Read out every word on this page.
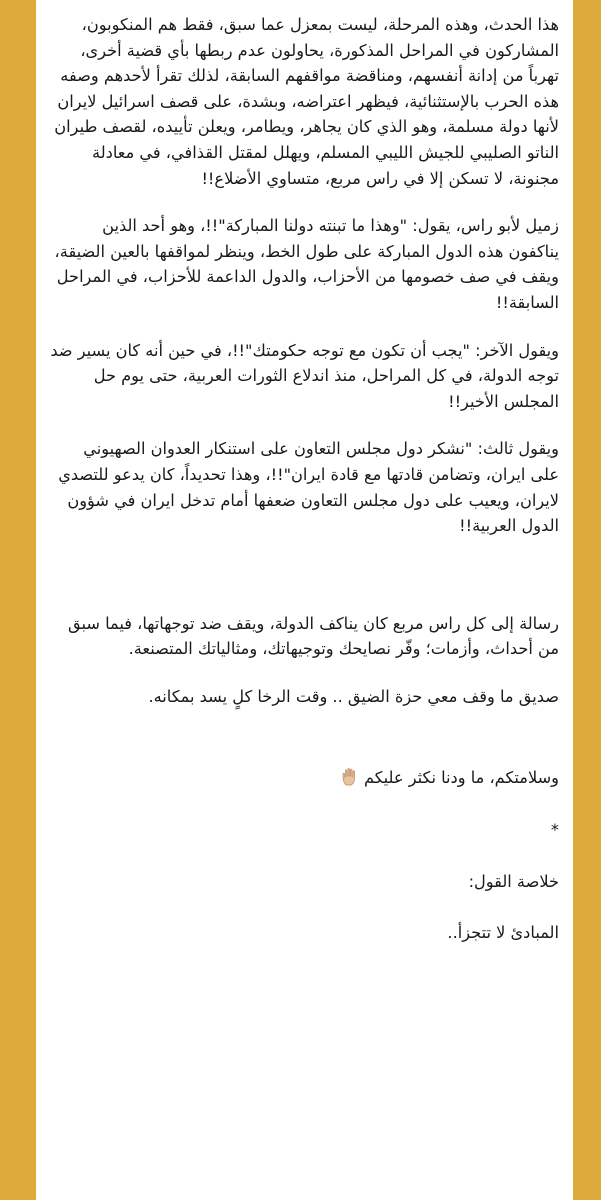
هذا الحدث، وهذه المرحلة، ليست بمعزل عما سبق، فقط هم المنكوبون، المشاركون في المراحل المذكورة، يحاولون عدم ربطها بأي قضية أخرى، تهرباً من إدانة أنفسهم، ومناقضة مواقفهم السابقة، لذلك تقرأ لأحدهم وصفه هذه الحرب بالإستثنائية، فيظهر اعتراضه، وبشدة، على قصف اسرائيل لايران لأنها دولة مسلمة، وهو الذي كان يجاهر، ويطامر، ويعلن تأييده، لقصف طيران الناتو الصليبي للجيش الليبي المسلم، ويهلل لمقتل القذافي، في معادلة مجنونة، لا تسكن إلا في راس مربع، متساوي الأضلاع!!

زميل لأبو راس، يقول: "وهذا ما تبنته دولنا المباركة"!!، وهو أحد الذين يناكفون هذه الدول المباركة على طول الخط، وينظر لمواقفها بالعين الضيقة، ويقف في صف خصومها من الأحزاب، والدول الداعمة للأحزاب، في المراحل السابقة!!

ويقول الآخر: "يجب أن تكون مع توجه حكومتك"!!، في حين أنه كان يسير ضد توجه الدولة، في كل المراحل، منذ اندلاع الثورات العربية، حتى يوم حل المجلس الأخير!!

ويقول ثالث: "نشكر دول مجلس التعاون على استنكار العدوان الصهيوني على ايران، وتضامن قادتها مع قادة ايران"!!، وهذا تحديداً، كان يدعو للتصدي لايران، ويعيب على دول مجلس التعاون ضعفها أمام تدخل ايران في شؤون الدول العربية!!

رسالة إلى كل راس مربع كان يناكف الدولة، ويقف ضد توجهاتها، فيما سبق من أحداث، وأزمات؛ وفّر نصايحك وتوجيهاتك، ومثالياتك المتصنعة.

صديق ما وقف معي حزة الضيق .. وقت الرخا كلٍ يسد بمكانه.

وسلامتكم، ما ودنا نكثر عليكم

*

خلاصة القول:

المبادئ لا تتجزأ..
